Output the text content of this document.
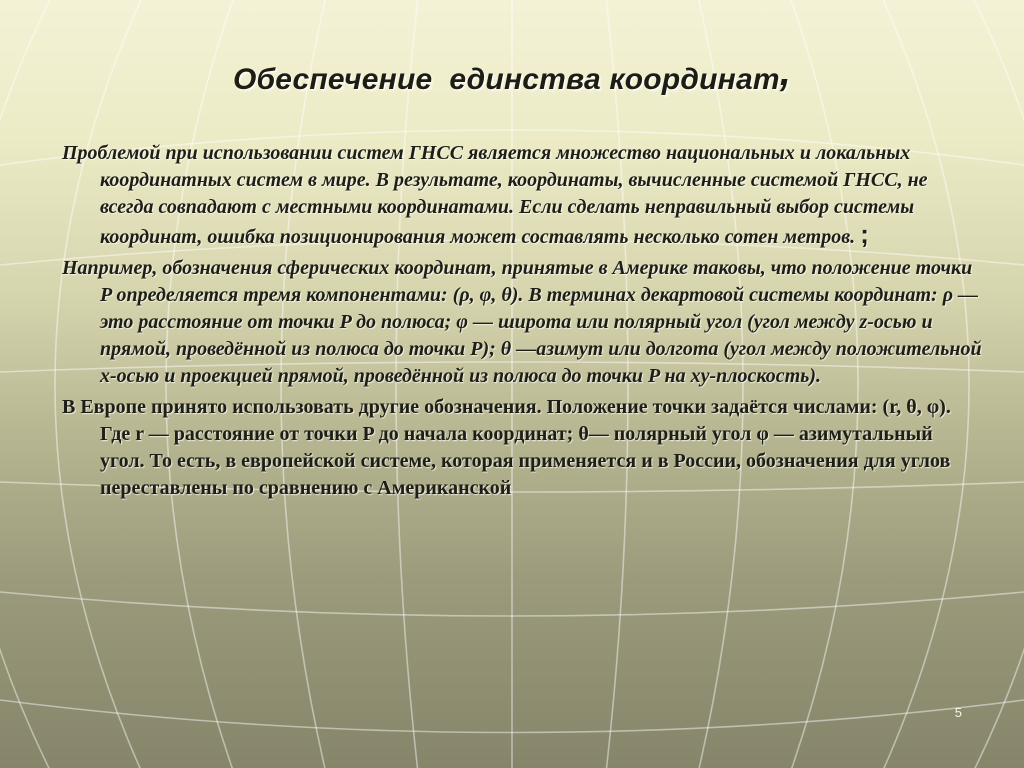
Обеспечение  единства координат,

Проблемой при использовании систем ГНСС является множество национальных и локальных координатных систем в мире. В результате, координаты, вычисленные системой ГНСС, не всегда совпадают с местными координатами. Если сделать неправильный выбор системы координат, ошибка позиционирования может составлять несколько сотен метров. ;

Например, обозначения сферических координат, принятые в Америке таковы, что положение точки P определяется тремя компонентами: (ρ, φ, θ). В терминах декартовой системы координат: ρ — это расстояние от точки P до полюса; φ — широта или полярный угол (угол между z-осью и прямой, проведённой из полюса до точки P); θ —азимут или долгота (угол между положительной x-осью и проекцией прямой, проведённой из полюса до точки P на xy-плоскость).

В Европе принято использовать другие обозначения. Положение точки задаётся числами: (r, θ, φ). Где r — расстояние от точки P до начала координат; θ— полярный угол φ — азимутальный угол. То есть, в европейской системе, которая применяется и в России, обозначения для углов переставлены по сравнению с Американской

5
